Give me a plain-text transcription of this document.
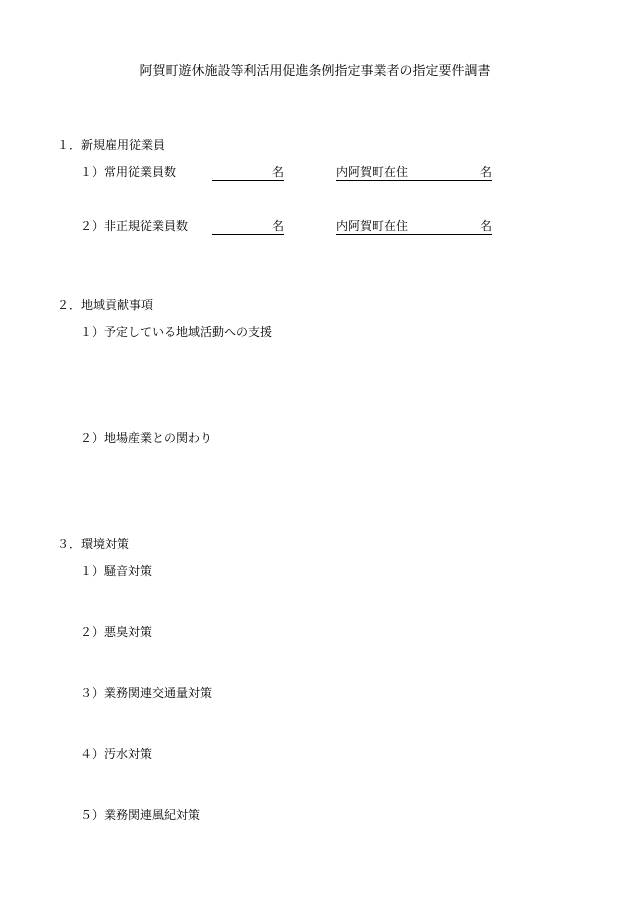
阿賀町遊休施設等利活用促進条例指定事業者の指定要件調書
１．新規雇用従業員
１）常用従業員数	名	内阿賀町在住	名
２）非正規従業員数	名	内阿賀町在住	名
２．地域貢献事項
１）予定している地域活動への支援
２）地場産業との関わり
３．環境対策
１）騒音対策
２）悪臭対策
３）業務関連交通量対策
４）汚水対策
５）業務関連風紀対策
